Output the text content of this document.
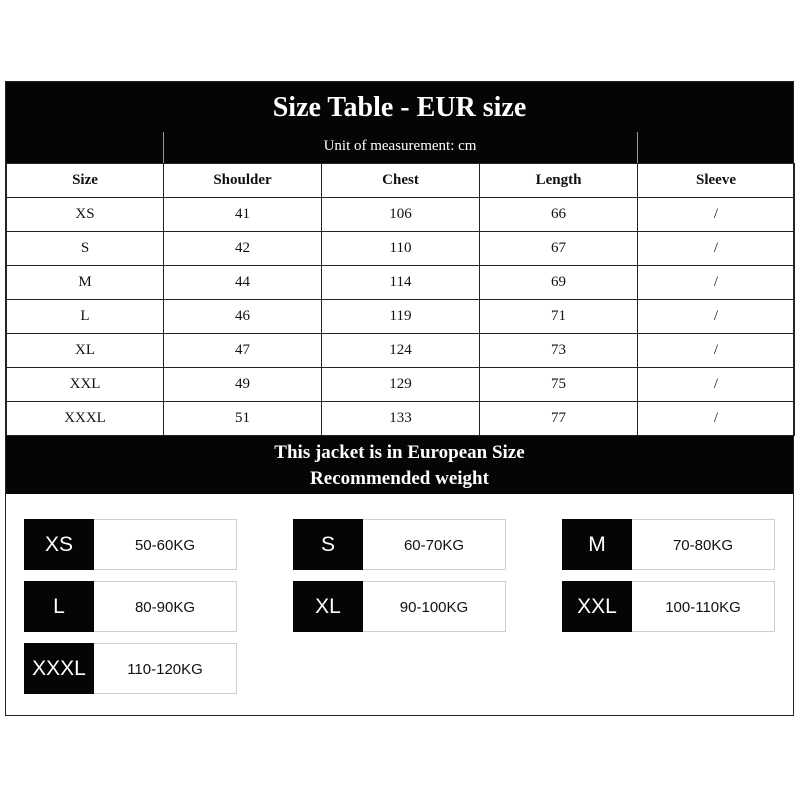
Size Table - EUR size
Unit of measurement: cm
Size	Shoulder	Chest	Length	Sleeve
XS	41	106	66	/
S	42	110	67	/
M	44	114	69	/
L	46	119	71	/
XL	47	124	73	/
XXL	49	129	75	/
XXXL	51	133	77	/
This jacket is in European Size
Recommended weight
XS	50-60KG	S	60-70KG	M	70-80KG
L	80-90KG	XL	90-100KG	XXL	100-110KG
XXXL	110-120KG
